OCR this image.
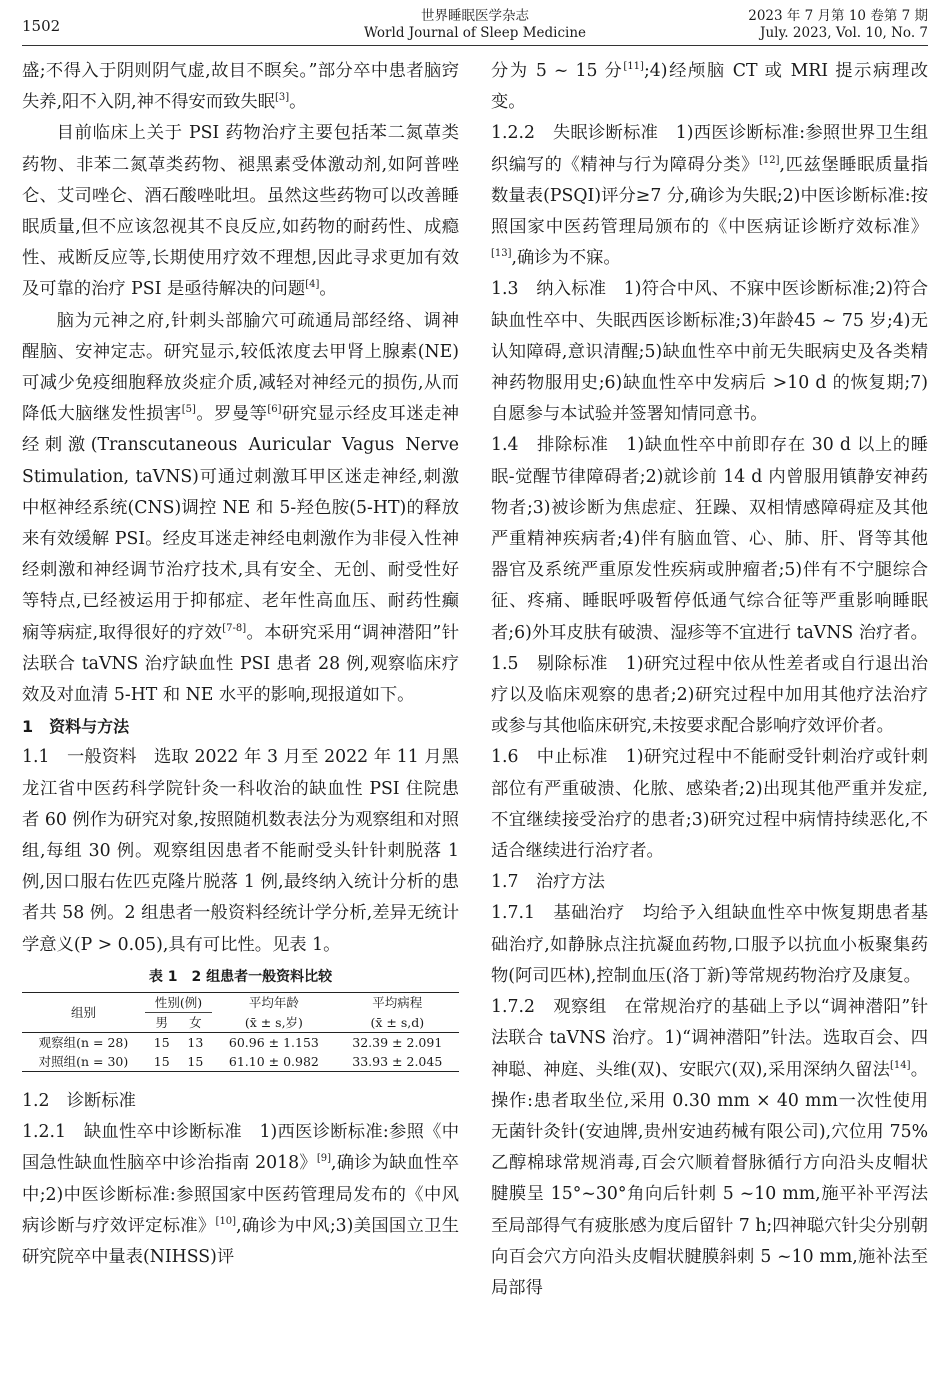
1502
世界睡眠医学杂志
World Journal of Sleep Medicine
2023 年 7 月第 10 卷第 7 期
July. 2023, Vol. 10, No. 7

盛;不得入于阴则阴气虚,故目不瞑矣。”部分卒中患者脑窍失养,阳不入阴,神不得安而致失眠[3]。

目前临床上关于 PSI 药物治疗主要包括苯二氮䓬类药物、非苯二氮䓬类药物、褪黑素受体激动剂,如阿普唑仑、艾司唑仑、酒石酸唑吡坦。虽然这些药物可以改善睡眠质量,但不应该忽视其不良反应,如药物的耐药性、成瘾性、戒断反应等,长期使用疗效不理想,因此寻求更加有效及可靠的治疗 PSI 是亟待解决的问题[4]。

脑为元神之府,针刺头部腧穴可疏通局部经络、调神醒脑、安神定志。研究显示,较低浓度去甲肾上腺素(NE)可减少免疫细胞释放炎症介质,减轻对神经元的损伤,从而降低大脑继发性损害[5]。罗曼等[6]研究显示经皮耳迷走神经刺激(Transcutaneous Auricular Vagus Nerve Stimulation, taVNS)可通过刺激耳甲区迷走神经,刺激中枢神经系统(CNS)调控 NE 和 5-羟色胺(5-HT)的释放来有效缓解 PSI。经皮耳迷走神经电刺激作为非侵入性神经刺激和神经调节治疗技术,具有安全、无创、耐受性好等特点,已经被运用于抑郁症、老年性高血压、耐药性癫痫等病症,取得很好的疗效[7-8]。本研究采用“调神潜阳”针法联合 taVNS 治疗缺血性 PSI 患者 28 例,观察临床疗效及对血清 5-HT 和 NE 水平的影响,现报道如下。

1　资料与方法

1.1　一般资料　选取 2022 年 3 月至 2022 年 11 月黑龙江省中医药科学院针灸一科收治的缺血性 PSI 住院患者 60 例作为研究对象,按照随机数表法分为观察组和对照组,每组 30 例。观察组因患者不能耐受头针针刺脱落 1 例,因口服右佐匹克隆片脱落 1 例,最终纳入统计分析的患者共 58 例。2 组患者一般资料经统计学分析,差异无统计学意义(P > 0.05),具有可比性。见表 1。

表 1　2 组患者一般资料比较
组别	性别(例)		平均年龄	平均病程
	男	女	(x̄ ± s,岁)	(x̄ ± s,d)
观察组(n = 28)	15	13	60.96 ± 1.153	32.39 ± 2.091
对照组(n = 30)	15	15	61.10 ± 0.982	33.93 ± 2.045

1.2　诊断标准

1.2.1　缺血性卒中诊断标准　1)西医诊断标准:参照《中国急性缺血性脑卒中诊治指南 2018》[9],确诊为缺血性卒中;2)中医诊断标准:参照国家中医药管理局发布的《中风病诊断与疗效评定标准》[10],确诊为中风;3)美国国立卫生研究院卒中量表(NIHSS)评

分为 5 ~ 15 分[11];4)经颅脑 CT 或 MRI 提示病理改变。

1.2.2　失眠诊断标准　1)西医诊断标准:参照世界卫生组织编写的《精神与行为障碍分类》[12],匹兹堡睡眠质量指数量表(PSQI)评分≥7 分,确诊为失眠;2)中医诊断标准:按照国家中医药管理局颁布的《中医病证诊断疗效标准》[13],确诊为不寐。

1.3　纳入标准　1)符合中风、不寐中医诊断标准;2)符合缺血性卒中、失眠西医诊断标准;3)年龄45 ~ 75 岁;4)无认知障碍,意识清醒;5)缺血性卒中前无失眠病史及各类精神药物服用史;6)缺血性卒中发病后 >10 d 的恢复期;7)自愿参与本试验并签署知情同意书。

1.4　排除标准　1)缺血性卒中前即存在 30 d 以上的睡眠-觉醒节律障碍者;2)就诊前 14 d 内曾服用镇静安神药物者;3)被诊断为焦虑症、狂躁、双相情感障碍症及其他严重精神疾病者;4)伴有脑血管、心、肺、肝、肾等其他器官及系统严重原发性疾病或肿瘤者;5)伴有不宁腿综合征、疼痛、睡眠呼吸暂停低通气综合征等严重影响睡眠者;6)外耳皮肤有破溃、湿疹等不宜进行 taVNS 治疗者。

1.5　剔除标准　1)研究过程中依从性差者或自行退出治疗以及临床观察的患者;2)研究过程中加用其他疗法治疗或参与其他临床研究,未按要求配合影响疗效评价者。

1.6　中止标准　1)研究过程中不能耐受针刺治疗或针刺部位有严重破溃、化脓、感染者;2)出现其他严重并发症,不宜继续接受治疗的患者;3)研究过程中病情持续恶化,不适合继续进行治疗者。

1.7　治疗方法

1.7.1　基础治疗　均给予入组缺血性卒中恢复期患者基础治疗,如静脉点注抗凝血药物,口服予以抗血小板聚集药物(阿司匹林),控制血压(洛丁新)等常规药物治疗及康复。

1.7.2　观察组　在常规治疗的基础上予以“调神潜阳”针法联合 taVNS 治疗。1)“调神潜阳”针法。选取百会、四神聪、神庭、头维(双)、安眠穴(双),采用深纳久留法[14]。操作:患者取坐位,采用 0.30 mm × 40 mm一次性使用无菌针灸针(安迪牌,贵州安迪药械有限公司),穴位用 75% 乙醇棉球常规消毒,百会穴顺着督脉循行方向沿头皮帽状腱膜呈 15°~30°角向后针刺 5 ~10 mm,施平补平泻法至局部得气有疲胀感为度后留针 7 h;四神聪穴针尖分别朝向百会穴方向沿头皮帽状腱膜斜刺 5 ~10 mm,施补法至局部得
